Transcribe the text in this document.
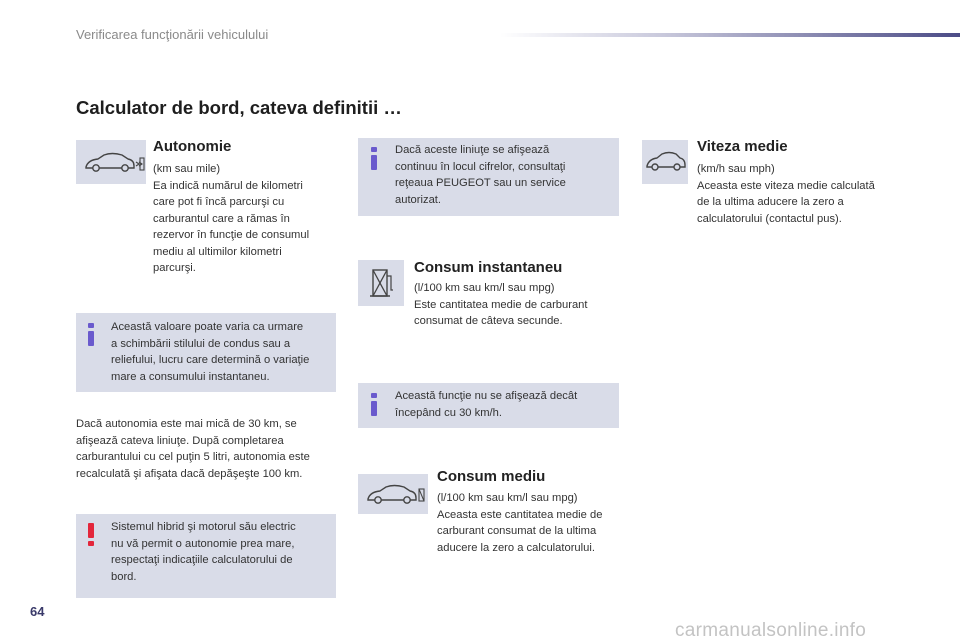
Verificarea funcţionării vehiculului
Calculator de bord, cateva definitii …
Autonomie
(km sau mile)
Ea indică numărul de kilometri
care pot fi încă parcurşi cu
carburantul care a rămas în
rezervor în funcţie de consumul
mediu al ultimilor kilometri
parcurşi.
Această valoare poate varia ca urmare
a schimbării stilului de condus sau a
reliefului, lucru care determină o variaţie
mare a consumului instantaneu.
Dacă autonomia este mai mică de 30 km, se
afişează cateva liniuţe. După completarea
carburantului cu cel puţin 5 litri, autonomia este
recalculată şi afişata dacă depăşeşte 100 km.
Sistemul hibrid şi motorul său electric
nu vă permit o autonomie prea mare,
respectaţi indicaţiile calculatorului de
bord.
Dacă aceste liniuţe se afişează
continuu în locul cifrelor, consultaţi
reţeaua PEUGEOT sau un service
autorizat.
Consum instantaneu
(l/100 km sau km/l sau mpg)
Este cantitatea medie de carburant
consumat de câteva secunde.
Această funcţie nu se afişează decât
începând cu 30 km/h.
Consum mediu
(l/100 km sau km/l sau mpg)
Aceasta este cantitatea medie de
carburant consumat de la ultima
aducere la zero a calculatorului.
Viteza medie
(km/h sau mph)
Aceasta este viteza medie calculată
de la ultima aducere la zero a
calculatorului (contactul pus).
64
carmanualsonline.info
